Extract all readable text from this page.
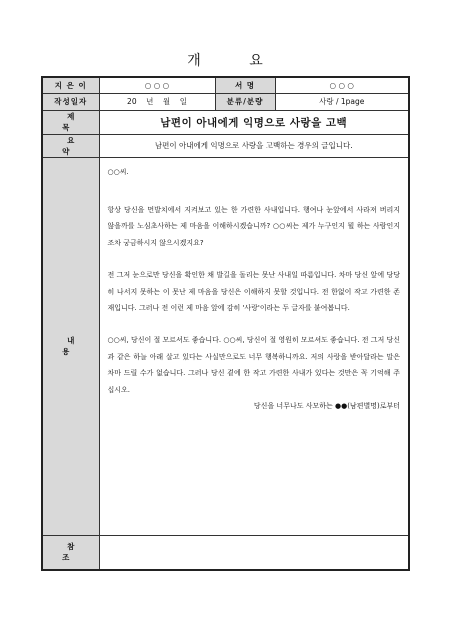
개 요
지 은 이	○ ○ ○	서 명	○ ○ ○
작성일자	20    년    월    일	분류/분량	사랑 / 1page
제 목	남편이 아내에게 익명으로 사랑을 고백		
요 약	남편이 아내에게 익명으로 사랑을 고백하는 경우의 글입니다.		
내 용	○○씨.

항상 당신을 먼발치에서 지켜보고 있는 한 가련한 사내입니다. 행여나 눈앞에서 사라져 버리지 않을까를 노심초사하는 제 마음을 이해하시겠습니까? ○○씨는 제가 누구인지 뭘 하는 사람인지 조차 궁금하시지 않으시겠지요?

전 그저 눈으로만 당신을 확인한 채 발길을 돌리는 못난 사내일 따름입니다. 차마 당신 앞에 당당히 나서지 못하는 이 못난 제 마음을 당신은 이해하지 못할 것입니다. 전 한없이 작고 가련한 존재입니다. 그러나 전 이런 제 마음 앞에 감히 '사랑'이라는 두 글자를 붙여봅니다.

○○씨, 당신이 절 모르셔도 좋습니다. ○○씨, 당신이 절 영원히 모르셔도 좋습니다. 전 그저 당신과 같은 하늘 아래 살고 있다는 사실만으로도 너무 행복하니까요. 저의 사랑을 받아달라는 말은 차마 드릴 수가 없습니다. 그러나 당신 곁에 한 작고 가련한 사내가 있다는 것만은 꼭 기억해 주십시오.

당신을 너무나도 사모하는 ●●(남편별명)로부터		

참 조			
